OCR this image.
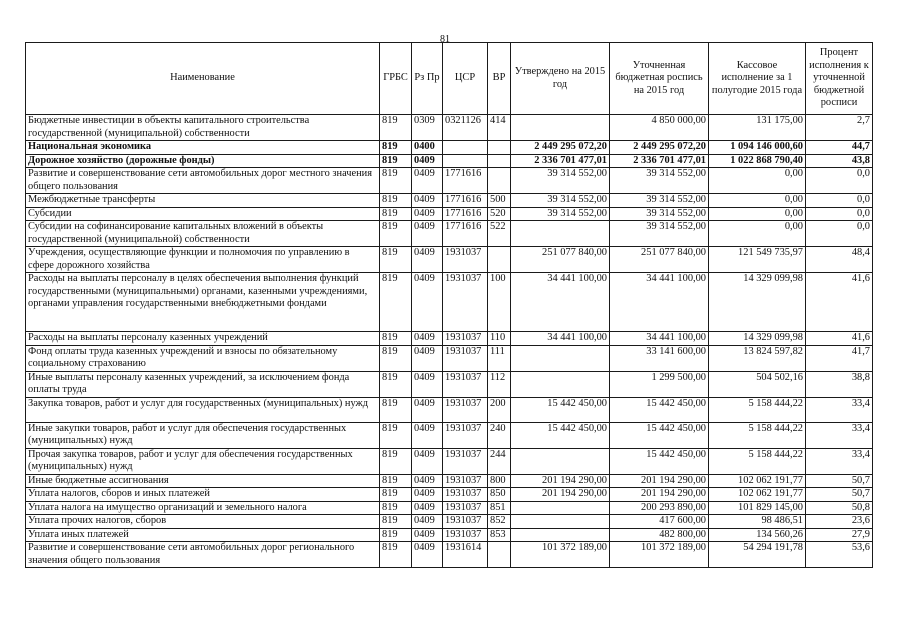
81
Наименование	ГРБС	Рз Пр	ЦСР	ВР	Утверждено на 2015 год	Уточненная бюджетная роспись на 2015 год	Кассовое исполнение за 1 полугодие 2015 года	Процент исполнения к уточненной бюджетной росписи
Бюджетные инвестиции в объекты капитального строительства государственной (муниципальной) собственности	819	0309	0321126	414		4 850 000,00	131 175,00	2,7
Национальная экономика	819	0400			2 449 295 072,20	2 449 295 072,20	1 094 146 000,60	44,7
Дорожное хозяйство (дорожные фонды)	819	0409			2 336 701 477,01	2 336 701 477,01	1 022 868 790,40	43,8
Развитие и совершенствование сети автомобильных дорог местного значения общего пользования	819	0409	1771616		39 314 552,00	39 314 552,00	0,00	0,0
Межбюджетные трансферты	819	0409	1771616	500	39 314 552,00	39 314 552,00	0,00	0,0
Субсидии	819	0409	1771616	520	39 314 552,00	39 314 552,00	0,00	0,0
Субсидии на софинансирование капитальных вложений в объекты государственной (муниципальной) собственности	819	0409	1771616	522		39 314 552,00	0,00	0,0
Учреждения, осуществляющие функции и полномочия по управлению в сфере дорожного хозяйства	819	0409	1931037		251 077 840,00	251 077 840,00	121 549 735,97	48,4
Расходы на выплаты персоналу в целях обеспечения выполнения функций государственными (муниципальными) органами, казенными учреждениями, органами управления государственными внебюджетными фондами	819	0409	1931037	100	34 441 100,00	34 441 100,00	14 329 099,98	41,6
Расходы на выплаты персоналу казенных учреждений	819	0409	1931037	110	34 441 100,00	34 441 100,00	14 329 099,98	41,6
Фонд оплаты труда казенных учреждений и взносы по обязательному социальному страхованию	819	0409	1931037	111		33 141 600,00	13 824 597,82	41,7
Иные выплаты персоналу казенных учреждений, за исключением фонда оплаты труда	819	0409	1931037	112		1 299 500,00	504 502,16	38,8
Закупка товаров, работ и услуг для государственных (муниципальных) нужд	819	0409	1931037	200	15 442 450,00	15 442 450,00	5 158 444,22	33,4
Иные закупки товаров, работ и услуг для обеспечения государственных (муниципальных) нужд	819	0409	1931037	240	15 442 450,00	15 442 450,00	5 158 444,22	33,4
Прочая закупка товаров, работ и услуг для обеспечения государственных (муниципальных) нужд	819	0409	1931037	244		15 442 450,00	5 158 444,22	33,4
Иные бюджетные ассигнования	819	0409	1931037	800	201 194 290,00	201 194 290,00	102 062 191,77	50,7
Уплата налогов, сборов и иных платежей	819	0409	1931037	850	201 194 290,00	201 194 290,00	102 062 191,77	50,7
Уплата налога на имущество организаций и земельного налога	819	0409	1931037	851		200 293 890,00	101 829 145,00	50,8
Уплата прочих налогов, сборов	819	0409	1931037	852		417 600,00	98 486,51	23,6
Уплата иных платежей	819	0409	1931037	853		482 800,00	134 560,26	27,9
Развитие и совершенствование сети автомобильных дорог регионального значения общего пользования	819	0409	1931614		101 372 189,00	101 372 189,00	54 294 191,78	53,6
